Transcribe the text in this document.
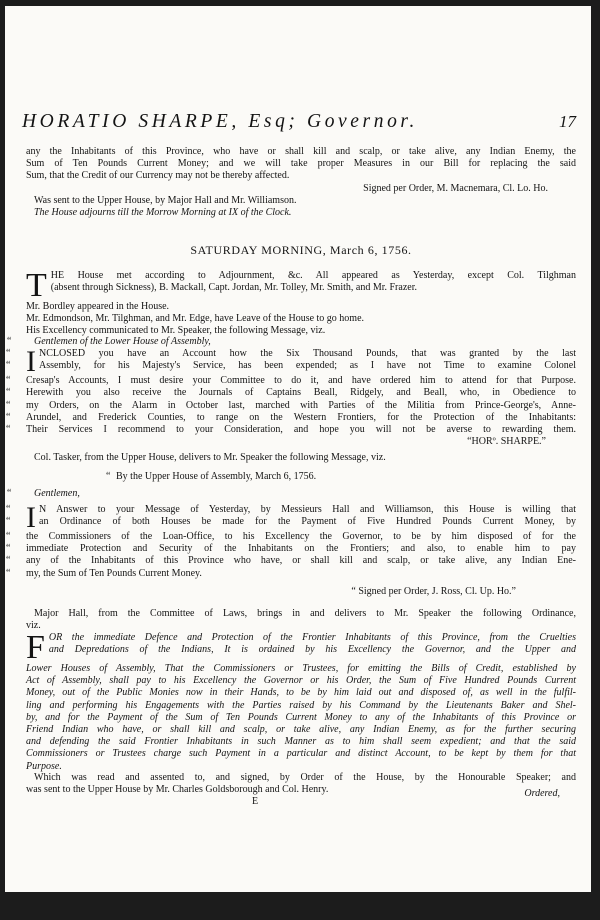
HORATIO SHARPE, Esq; Governor.	17
any the Inhabitants of this Province, who have or shall kill and scalp, or take alive, any Indian Enemy, the
Sum of Ten Pounds Current Money; and we will take proper Measures in our Bill for replacing the said
Sum, that the Credit of our Currency may not be thereby affected.
Signed per Order, M. Macnemara, Cl. Lo. Ho.
Was sent to the Upper House, by Major Hall and Mr. Williamson.
The House adjourns till the Morrow Morning at IX of the Clock.
SATURDAY MORNING, March 6, 1756.
T HE House met according to Adjournment, &c. All appeared as Yesterday, except Col. Tilghman
(absent through Sickness), B. Mackall, Capt. Jordan, Mr. Tolley, Mr. Smith, and Mr. Frazer.
Mr. Bordley appeared in the House.
Mr. Edmondson, Mr. Tilghman, and Mr. Edge, have Leave of the House to go home.
His Excellency communicated to Mr. Speaker, the following Message, viz.
“ Gentlemen of the Lower House of Assembly,
“ I NCLOSED you have an Account how the Six Thousand Pounds, that was granted by the last
“	Assembly, for his Majesty's Service, has been expended; as I have not Time to examine Colonel
“ Cresap's Accounts, I must desire your Committee to do it, and have ordered him to attend for that Purpose.
“ Herewith you also receive the Journals of Captains Beall, Ridgely, and Beall, who, in Obedience to
“ my Orders, on the Alarm in October last, marched with Parties of the Militia from Prince-George's, Anne-
“ Arundel, and Frederick Counties, to range on the Western Frontiers, for the Protection of the Inhabitants:
“ Their Services I recommend to your Consideration, and hope you will not be averse to rewarding them.
“HORº. SHARPE.”
Col. Tasker, from the Upper House, delivers to Mr. Speaker the following Message, viz.
“ By the Upper House of Assembly, March 6, 1756.
“ Gentlemen,
“ I N Answer to your Message of Yesterday, by Messieurs Hall and Williamson, this House is willing that
“	an Ordinance of both Houses be made for the Payment of Five Hundred Pounds Current Money, by
“ the Commissioners of the Loan-Office, to his Excellency the Governor, to be by him disposed of for the
“ immediate Protection and Security of the Inhabitants on the Frontiers; and also, to enable him to pay
“ any of the Inhabitants of this Province who have, or shall kill and scalp, or take alive, any Indian Ene-
“ my, the Sum of Ten Pounds Current Money.
“ Signed per Order, J. Ross, Cl. Up. Ho.”
Major Hall, from the Committee of Laws, brings in and delivers to Mr. Speaker the following Ordinance,
viz.
F OR the immediate Defence and Protection of the Frontier Inhabitants of this Province, from the Cruelties
and Depredations of the Indians, It is ordained by his Excellency the Governor, and the Upper and
Lower Houses of Assembly, That the Commissioners or Trustees, for emitting the Bills of Credit, established by
Act of Assembly, shall pay to his Excellency the Governor or his Order, the Sum of Five Hundred Pounds Current
Money, out of the Public Monies now in their Hands, to be by him laid out and disposed of, as well in the fulfil-
ling and performing his Engagements with the Parties raised by his Command by the Lieutenants Baker and Shel-
by, and for the Payment of the Sum of Ten Pounds Current Money to any of the Inhabitants of this Province or
Friend Indian who have, or shall kill and scalp, or take alive, any Indian Enemy, as for the further securing
and defending the said Frontier Inhabitants in such Manner as to him shall seem expedient; and that the said
Commissioners or Trustees charge such Payment in a particular and distinct Account, to be kept by them for that
Purpose.
Which was read and assented to, and signed, by Order of the House, by the Honourable Speaker; and
was sent to the Upper House by Mr. Charles Goldsborough and Col. Henry.
E
Ordered,
